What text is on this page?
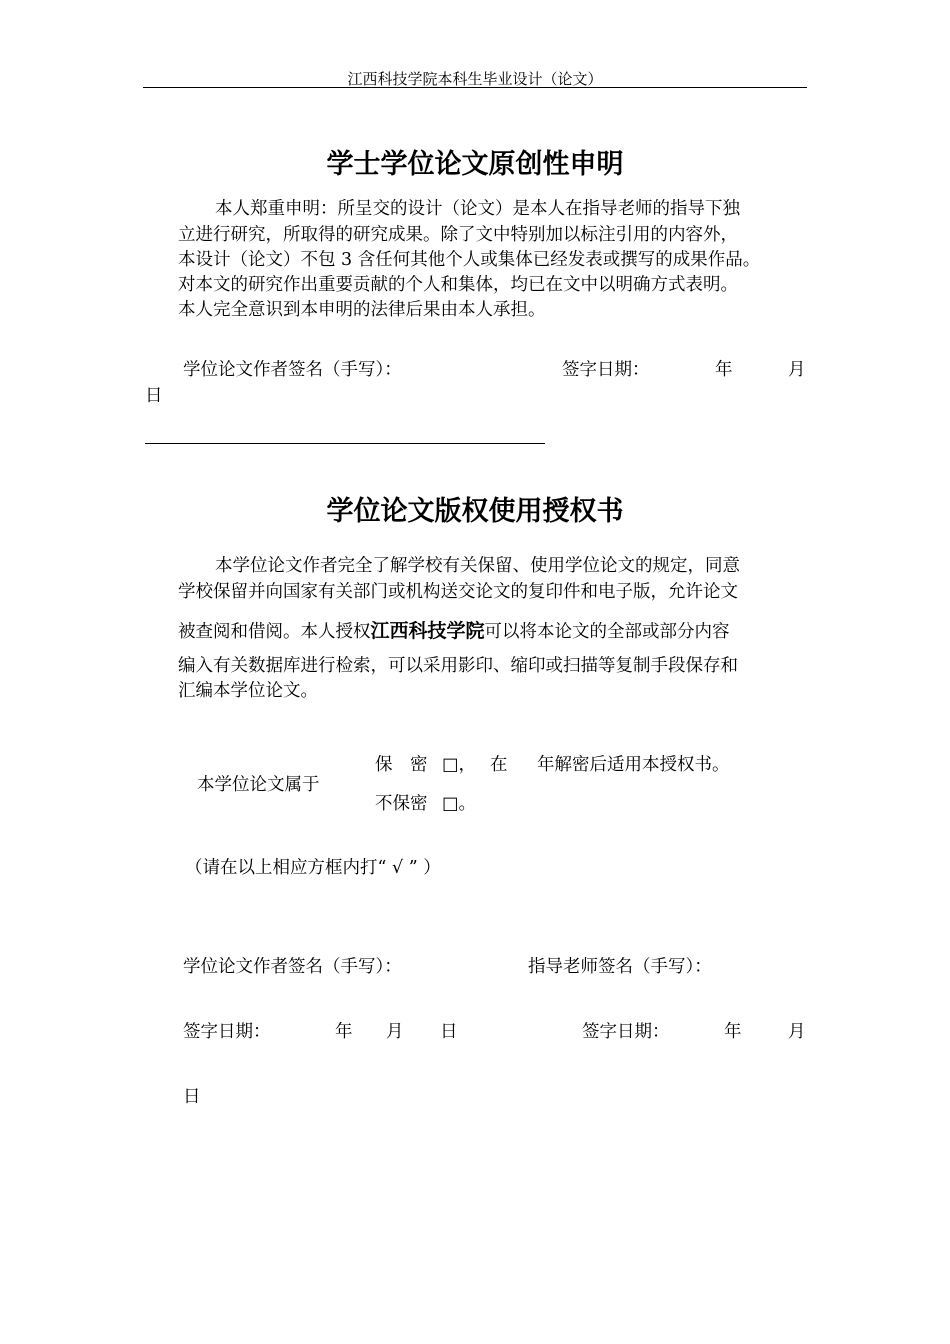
江西科技学院本科生毕业设计（论文）
学士学位论文原创性申明
本人郑重申明：所呈交的设计（论文）是本人在指导老师的指导下独
立进行研究，所取得的研究成果。除了文中特别加以标注引用的内容外，
本设计（论文）不包 3 含任何其他个人或集体已经发表或撰写的成果作品。
对本文的研究作出重要贡献的个人和集体，均已在文中以明确方式表明。
本人完全意识到本申明的法律后果由本人承担。
学位论文作者签名（手写）：	签字日期：	年	月
日
学位论文版权使用授权书
本学位论文作者完全了解学校有关保留、使用学位论文的规定，同意
学校保留并向国家有关部门或机构送交论文的复印件和电子版，允许论文
被查阅和借阅。本人授权江西科技学院可以将本论文的全部或部分内容
编入有关数据库进行检索，可以采用影印、缩印或扫描等复制手段保存和
汇编本学位论文。
本学位论文属于
保　密 □， 在 年解密后适用本授权书。
不保密 □。
（请在以上相应方框内打“ √ ” ）
学位论文作者签名（手写）：	指导老师签名（手写）：
签字日期：	年 月 日	签字日期：	年	月
日
